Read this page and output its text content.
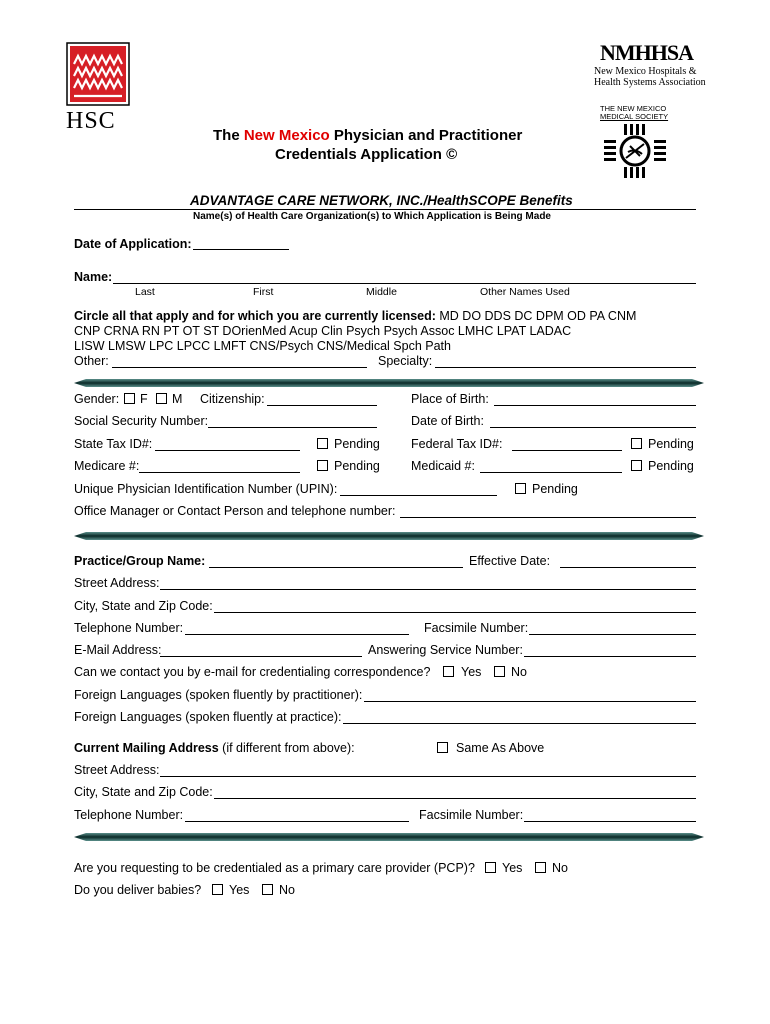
HSC
NMHHSA
New Mexico Hospitals &
Health Systems Association
THE NEW MEXICO
MEDICAL SOCIETY
The New Mexico Physician and Practitioner
Credentials Application ©
ADVANTAGE CARE NETWORK, INC./HealthSCOPE Benefits
Name(s) of Health Care Organization(s) to Which Application is Being Made
Date of Application:
Name:
Last	First	Middle	Other Names Used
Circle all that apply and for which you are currently licensed: MD DO DDS DC DPM OD PA CNM
CNP CRNA RN PT OT ST DOrienMed Acup Clin Psych Psych Assoc LMHC LPAT LADAC
LISW LMSW LPC LPCC LMFT CNS/Psych CNS/Medical Spch Path
Other:	Specialty:
Gender: F M Citizenship:	Place of Birth:
Social Security Number:	Date of Birth:
State Tax ID#:	Pending Federal Tax ID#:	Pending
Medicare #:	Pending Medicaid #:	Pending
Unique Physician Identification Number (UPIN):	Pending
Office Manager or Contact Person and telephone number:
Practice/Group Name:	Effective Date:
Street Address:
City, State and Zip Code:
Telephone Number:	Facsimile Number:
E-Mail Address:	Answering Service Number:
Can we contact you by e-mail for credentialing correspondence? Yes No
Foreign Languages (spoken fluently by practitioner):
Foreign Languages (spoken fluently at practice):
Current Mailing Address (if different from above):	Same As Above
Street Address:
City, State and Zip Code:
Telephone Number:	Facsimile Number:
Are you requesting to be credentialed as a primary care provider (PCP)? Yes No
Do you deliver babies? Yes No
